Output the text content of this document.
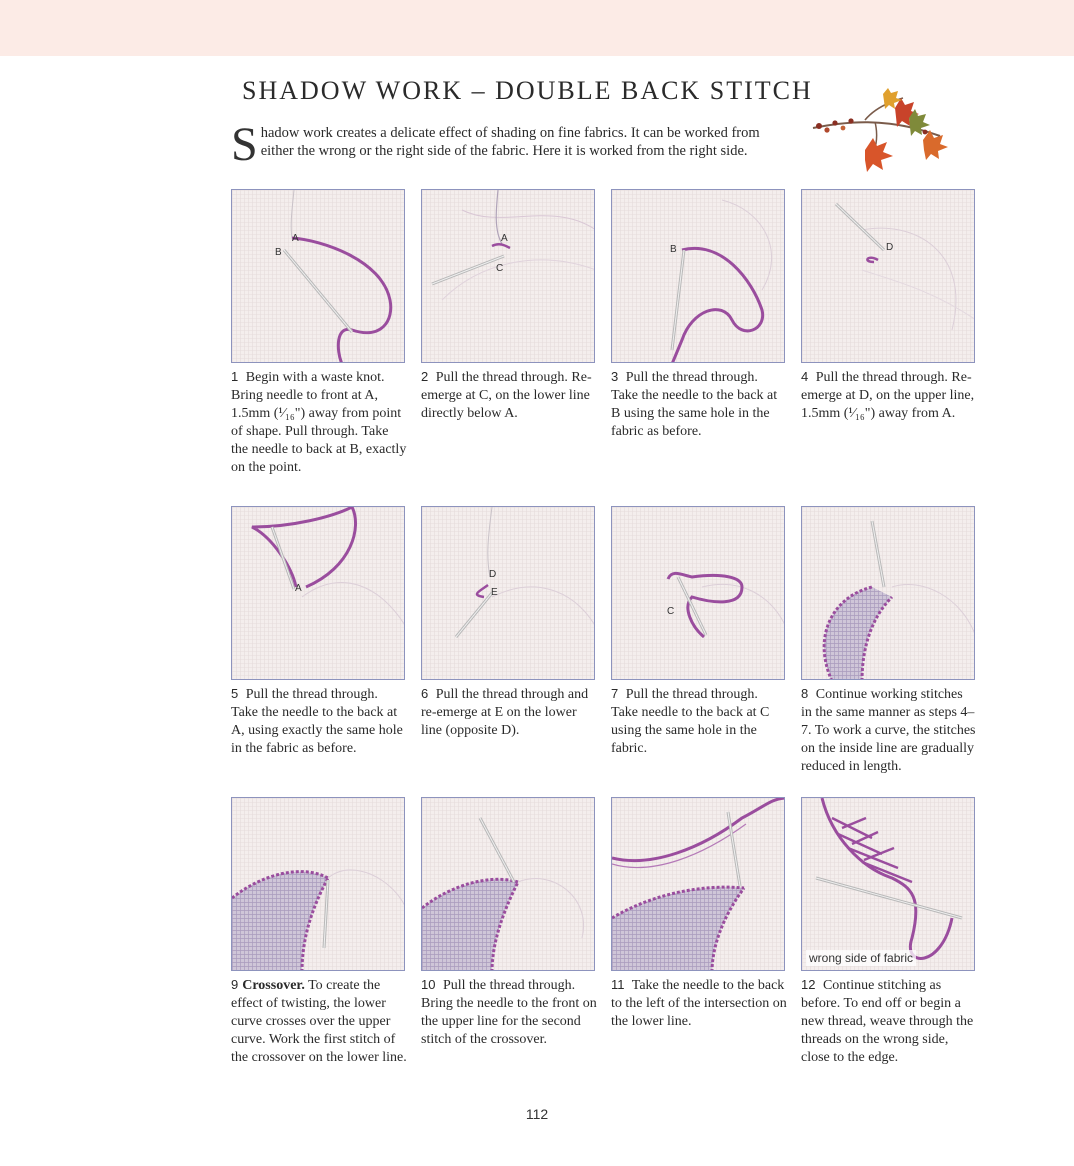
SHADOW WORK – DOUBLE BACK STITCH

Shadow work creates a delicate effect of shading on fine fabrics. It can be worked from either the wrong or the right side of the fabric. Here it is worked from the right side.

A
B
1 Begin with a waste knot. Bring needle to front at A, 1.5mm (¹⁄₁₆") away from point of shape. Pull through. Take the needle to back at B, exactly on the point.
A
C
2 Pull the thread through. Re-emerge at C, on the lower line directly below A.
B
3 Pull the thread through. Take the needle to the back at B using the same hole in the fabric as before.
D
4 Pull the thread through. Re-emerge at D, on the upper line, 1.5mm (¹⁄₁₆") away from A.
A
5 Pull the thread through. Take the needle to the back at A, using exactly the same hole in the fabric as before.
D
E
6 Pull the thread through and re-emerge at E on the lower line (opposite D).
C
7 Pull the thread through. Take needle to the back at C using the same hole in the fabric.
8 Continue working stitches in the same manner as steps 4–7. To work a curve, the stitches on the inside line are gradually reduced in length.
9 Crossover. To create the effect of twisting, the lower curve crosses over the upper curve. Work the first stitch of the crossover on the lower line.
10 Pull the thread through. Bring the needle to the front on the upper line for the second stitch of the crossover.
11 Take the needle to the back to the left of the intersection on the lower line.
wrong side of fabric
12 Continue stitching as before. To end off or begin a new thread, weave through the threads on the wrong side, close to the edge.
112
